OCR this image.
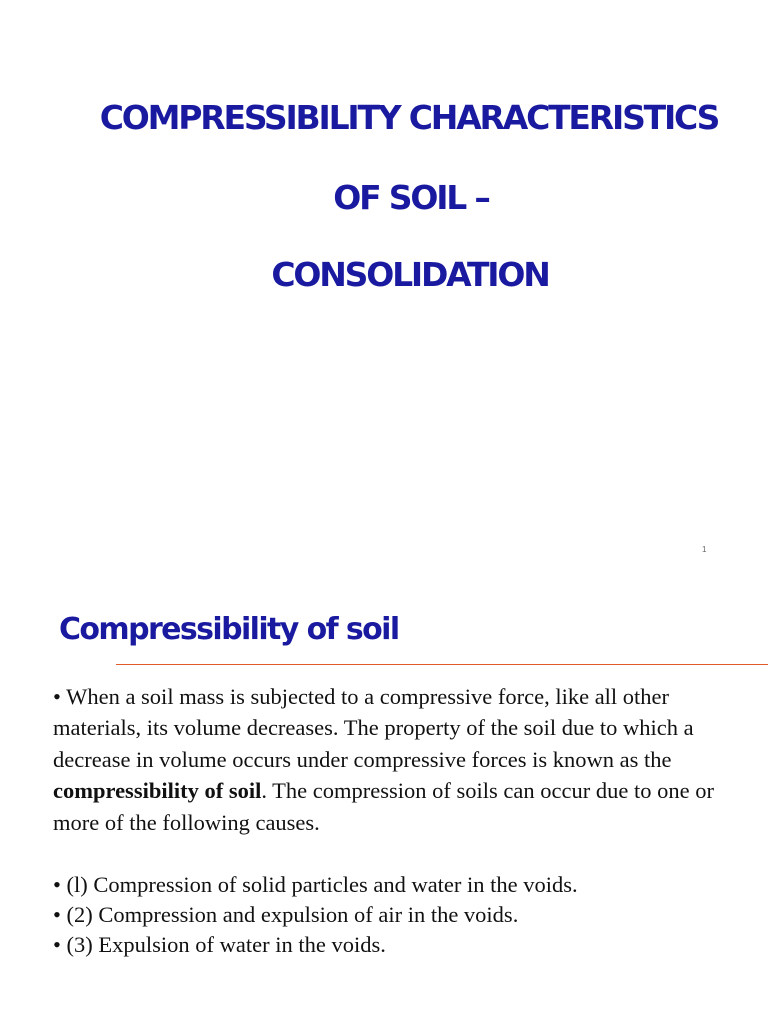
COMPRESSIBILITY CHARACTERISTICS
OF SOIL –
CONSOLIDATION
1
Compressibility of soil

• When a soil mass is subjected to a compressive force, like all other materials, its volume decreases. The property of the soil due to which a decrease in volume occurs under compressive forces is known as the compressibility of soil. The compression of soils can occur due to one or more of the following causes.

• (l) Compression of solid particles and water in the voids.
• (2) Compression and expulsion of air in the voids.
• (3) Expulsion of water in the voids.
